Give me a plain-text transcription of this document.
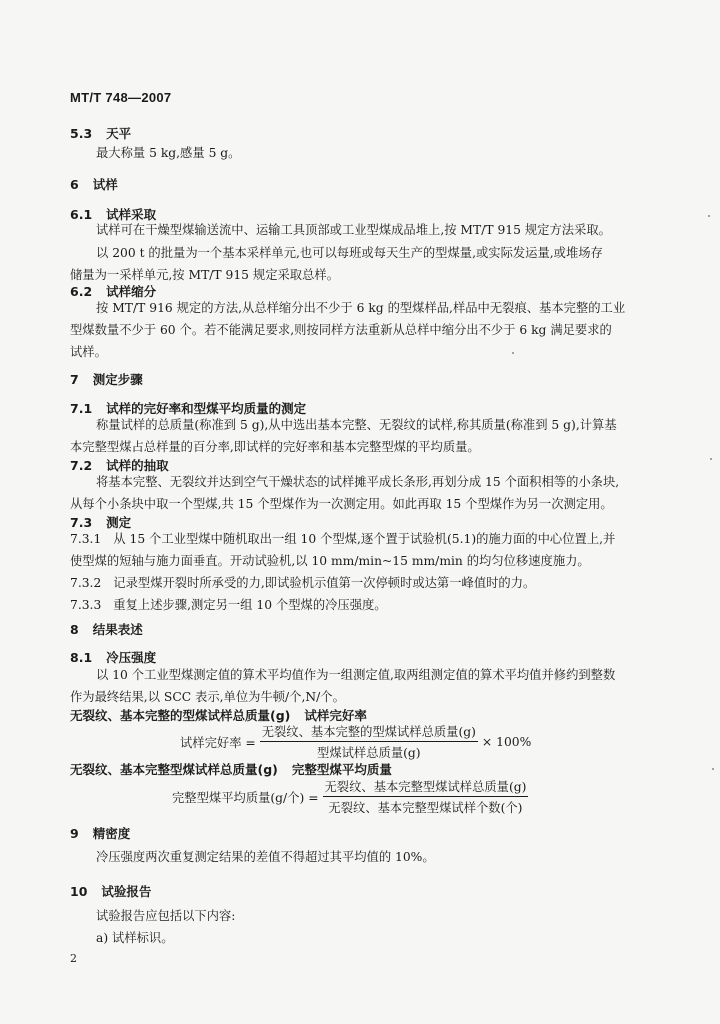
MT/T 748—2007
5.3 天平
最大称量 5 kg,感量 5 g。
6 试样
6.1 试样采取
试样可在干燥型煤输送流中、运输工具顶部或工业型煤成品堆上,按 MT/T 915 规定方法采取。
以 200 t 的批量为一个基本采样单元,也可以每班或每天生产的型煤量,或实际发运量,或堆场存
储量为一采样单元,按 MT/T 915 规定采取总样。
6.2 试样缩分
按 MT/T 916 规定的方法,从总样缩分出不少于 6 kg 的型煤样品,样品中无裂痕、基本完整的工业
型煤数量不少于 60 个。若不能满足要求,则按同样方法重新从总样中缩分出不少于 6 kg 满足要求的
试样。
7 测定步骤
7.1 试样的完好率和型煤平均质量的测定
称量试样的总质量(称准到 5 g),从中选出基本完整、无裂纹的试样,称其质量(称准到 5 g),计算基
本完整型煤占总样量的百分率,即试样的完好率和基本完整型煤的平均质量。
7.2 试样的抽取
将基本完整、无裂纹并达到空气干燥状态的试样摊平成长条形,再划分成 15 个面积相等的小条块,
从每个小条块中取一个型煤,共 15 个型煤作为一次测定用。如此再取 15 个型煤作为另一次测定用。
7.3 测定
7.3.1 从 15 个工业型煤中随机取出一组 10 个型煤,逐个置于试验机(5.1)的施力面的中心位置上,并
使型煤的短轴与施力面垂直。开动试验机,以 10 mm/min~15 mm/min 的均匀位移速度施力。
7.3.2 记录型煤开裂时所承受的力,即试验机示值第一次停顿时或达第一峰值时的力。
7.3.3 重复上述步骤,测定另一组 10 个型煤的冷压强度。
8 结果表述
8.1 冷压强度
以 10 个工业型煤测定值的算术平均值作为一组测定值,取两组测定值的算术平均值并修约到整数
作为最终结果,以 SCC 表示,单位为牛顿/个,N/个。
无裂纹、基本完整的型煤试样总质量(g) 试样完好率
试样完好率 = $\frac{\text{无裂纹、基本完整的型煤试样总质量(g)}}{\text{型煤试样总质量(g)}} \times 100\%$
无裂纹、基本完整型煤试样总质量(g) 完整型煤平均质量
完整型煤平均质量(g/个) = $\frac{\text{无裂纹、基本完整型煤试样总质量(g)}}{\text{无裂纹、基本完整型煤试样个数(个)}}$
9 精密度
冷压强度两次重复测定结果的差值不得超过其平均值的 10%。
10 试验报告
试验报告应包括以下内容:
a) 试样标识。
2
